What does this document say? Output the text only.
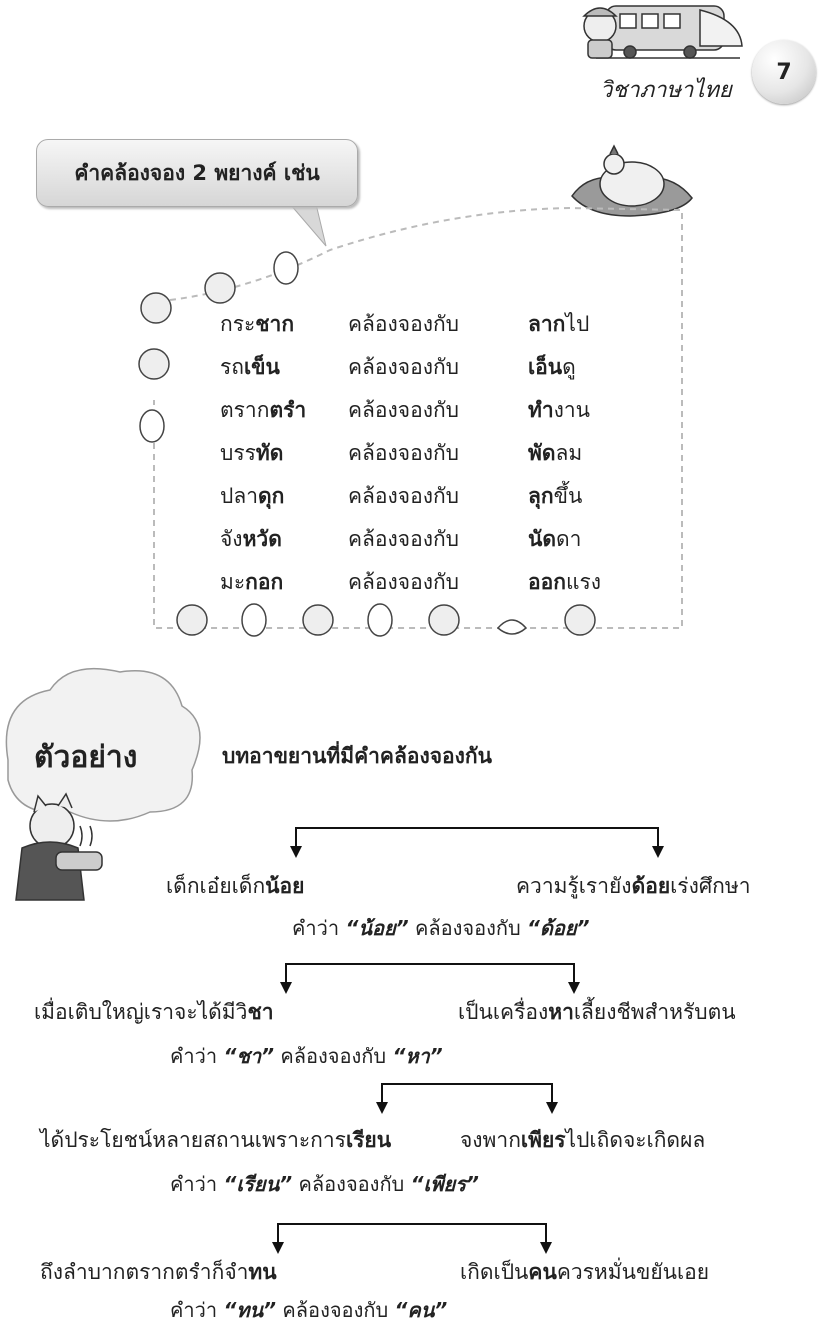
วิชาภาษาไทย
7
คำคล้องจอง 2 พยางค์ เช่น
กระชาก	คล้องจองกับ	ลากไป
รถเข็น	คล้องจองกับ	เอ็นดู
ตรากตรำ คล้องจองกับ	ทำงาน
บรรทัด	คล้องจองกับ	พัดลม
ปลาดุก	คล้องจองกับ	ลุกขึ้น
จังหวัด	คล้องจองกับ	นัดดา
มะกอก	คล้องจองกับ	ออกแรง
ตัวอย่าง	บทอาขยานที่มีคำคล้องจองกัน
เด็กเอ๋ยเด็กน้อย	ความรู้เรายังด้อยเร่งศึกษา
คำว่า “น้อย” คล้องจองกับ “ด้อย”
เมื่อเติบใหญ่เราจะได้มีวิชา	เป็นเครื่องหาเลี้ยงชีพสำหรับตน
คำว่า “ชา” คล้องจองกับ “หา”
ได้ประโยชน์หลายสถานเพราะการเรียน	จงพากเพียรไปเถิดจะเกิดผล
คำว่า “เรียน” คล้องจองกับ “เพียร”
ถึงลำบากตรากตรำก็จำทน	เกิดเป็นคนควรหมั่นขยันเอย
คำว่า “ทน” คล้องจองกับ “คน”
